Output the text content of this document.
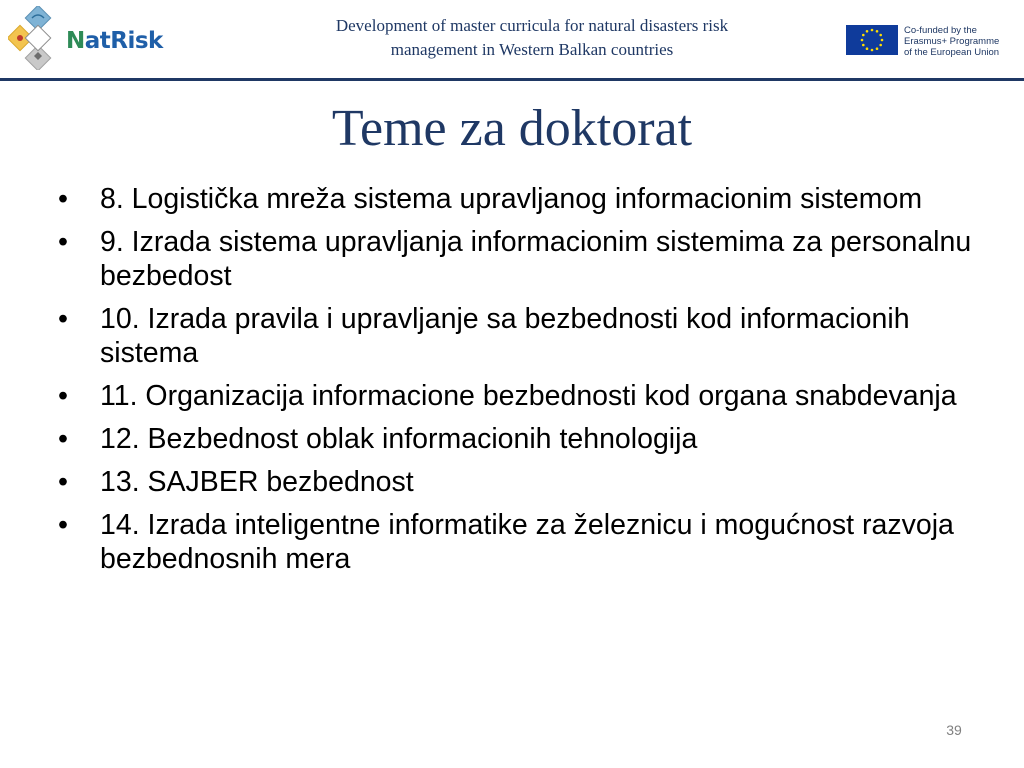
NatRisk
Development of master curricula for natural disasters risk
management in Western Balkan countries
Co-funded by the
Erasmus+ Programme
of the European Union
Teme za doktorat
• 8. Logistička mreža sistema upravljanog informacionim sistemom
• 9. Izrada sistema upravljanja informacionim sistemima za personalnu bezbedost
• 10. Izrada pravila i upravljanje sa bezbednosti kod informacionih sistema
• 11. Organizacija informacione bezbednosti kod organa snabdevanja
• 12. Bezbednost oblak informacionih tehnologija
• 13. SAJBER bezbednost
• 14. Izrada inteligentne informatike za železnicu i mogućnost razvoja bezbednosnih mera
39
